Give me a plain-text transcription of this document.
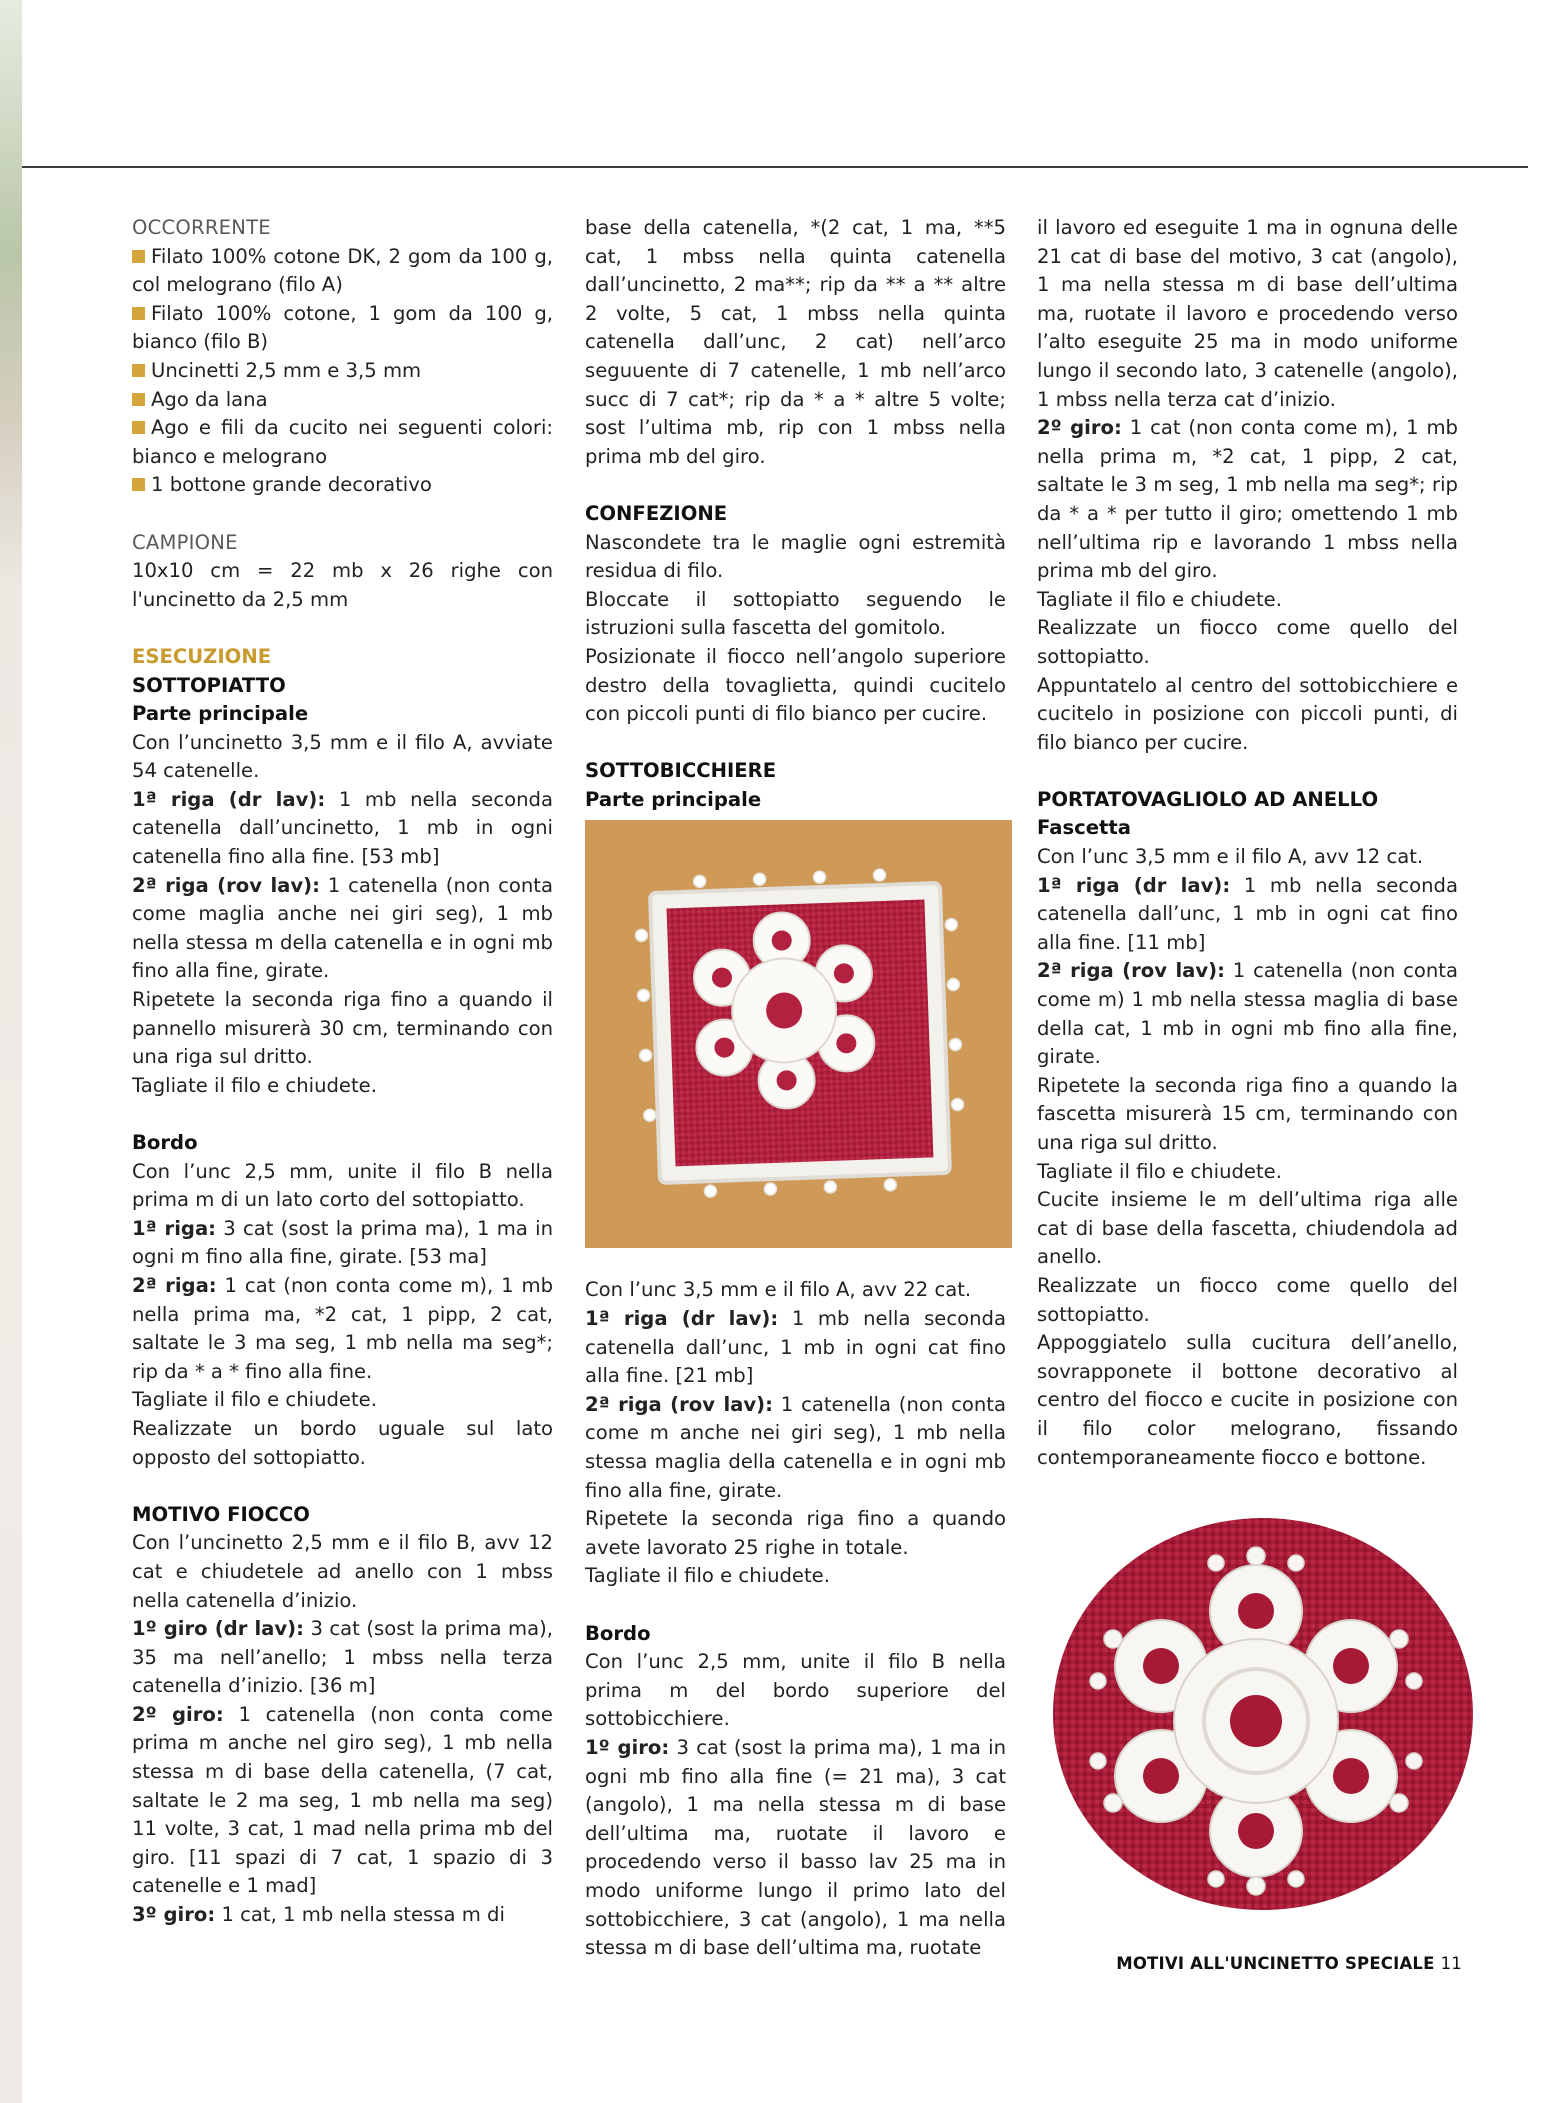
OCCORRENTE

Filato 100% cotone DK, 2 gom da 100 g, col melograno (filo A)

Filato 100% cotone, 1 gom da 100 g, bianco (filo B)

Uncinetti 2,5 mm e 3,5 mm

Ago da lana

Ago e fili da cucito nei seguenti colori: bianco e melograno

1 bottone grande decorativo

CAMPIONE

10x10 cm = 22 mb x 26 righe con l'uncinetto da 2,5 mm

ESECUZIONE

SOTTOPIATTO

Parte principale

Con l’uncinetto 3,5 mm e il filo A, avviate 54 catenelle.

1ª riga (dr lav): 1 mb nella seconda catenella dall’uncinetto, 1 mb in ogni catenella fino alla fine. [53 mb]

2ª riga (rov lav): 1 catenella (non conta come maglia anche nei giri seg), 1 mb nella stessa m della catenella e in ogni mb fino alla fine, girate.

Ripetete la seconda riga fino a quando il pannello misurerà 30 cm, terminando con una riga sul dritto.

Tagliate il filo e chiudete.

Bordo

Con l’unc 2,5 mm, unite il filo B nella prima m di un lato corto del sottopiatto.

1ª riga: 3 cat (sost la prima ma), 1 ma in ogni m fino alla fine, girate. [53 ma]

2ª riga: 1 cat (non conta come m), 1 mb nella prima ma, *2 cat, 1 pipp, 2 cat, saltate le 3 ma seg, 1 mb nella ma seg*; rip da * a * fino alla fine.

Tagliate il filo e chiudete.

Realizzate un bordo uguale sul lato opposto del sottopiatto.

MOTIVO FIOCCO

Con l’uncinetto 2,5 mm e il filo B, avv 12 cat e chiudetele ad anello con 1 mbss nella catenella d’inizio.

1º giro (dr lav): 3 cat (sost la prima ma), 35 ma nell’anello; 1 mbss nella terza catenella d’inizio. [36 m]

2º giro: 1 catenella (non conta come prima m anche nel giro seg), 1 mb nella stessa m di base della catenella, (7 cat, saltate le 2 ma seg, 1 mb nella ma seg) 11 volte, 3 cat, 1 mad nella prima mb del giro. [11 spazi di 7 cat, 1 spazio di 3 catenelle e 1 mad]

3º giro: 1 cat, 1 mb nella stessa m di

base della catenella, *(2 cat, 1 ma, **5 cat, 1 mbss nella quinta catenella dall’uncinetto, 2 ma**; rip da ** a ** altre 2 volte, 5 cat, 1 mbss nella quinta catenella dall’unc, 2 cat) nell’arco seguuente di 7 catenelle, 1 mb nell’arco succ di 7 cat*; rip da * a * altre 5 volte; sost l’ultima mb, rip con 1 mbss nella prima mb del giro.

CONFEZIONE

Nascondete tra le maglie ogni estremità residua di filo.

Bloccate il sottopiatto seguendo le istruzioni sulla fascetta del gomitolo.

Posizionate il fiocco nell’angolo superiore destro della tovaglietta, quindi cucitelo con piccoli punti di filo bianco per cucire.

SOTTOBICCHIERE

Parte principale

Con l’unc 3,5 mm e il filo A, avv 22 cat.

1ª riga (dr lav): 1 mb nella seconda catenella dall’unc, 1 mb in ogni cat fino alla fine. [21 mb]

2ª riga (rov lav): 1 catenella (non conta come m anche nei giri seg), 1 mb nella stessa maglia della catenella e in ogni mb fino alla fine, girate.

Ripetete la seconda riga fino a quando avete lavorato 25 righe in totale.

Tagliate il filo e chiudete.

Bordo

Con l’unc 2,5 mm, unite il filo B nella prima m del bordo superiore del sottobicchiere.

1º giro: 3 cat (sost la prima ma), 1 ma in ogni mb fino alla fine (= 21 ma), 3 cat (angolo), 1 ma nella stessa m di base dell’ultima ma, ruotate il lavoro e procedendo verso il basso lav 25 ma in modo uniforme lungo il primo lato del sottobicchiere, 3 cat (angolo), 1 ma nella stessa m di base dell’ultima ma, ruotate

il lavoro ed eseguite 1 ma in ognuna delle 21 cat di base del motivo, 3 cat (angolo), 1 ma nella stessa m di base dell’ultima ma, ruotate il lavoro e procedendo verso l’alto eseguite 25 ma in modo uniforme lungo il secondo lato, 3 catenelle (angolo), 1 mbss nella terza cat d’inizio.

2º giro: 1 cat (non conta come m), 1 mb nella prima m, *2 cat, 1 pipp, 2 cat, saltate le 3 m seg, 1 mb nella ma seg*; rip da * a * per tutto il giro; omettendo 1 mb nell’ultima rip e lavorando 1 mbss nella prima mb del giro.

Tagliate il filo e chiudete.

Realizzate un fiocco come quello del sottopiatto.

Appuntatelo al centro del sottobicchiere e cucitelo in posizione con piccoli punti, di filo bianco per cucire.

PORTATOVAGLIOLO AD ANELLO

Fascetta

Con l’unc 3,5 mm e il filo A, avv 12 cat.

1ª riga (dr lav): 1 mb nella seconda catenella dall’unc, 1 mb in ogni cat fino alla fine. [11 mb]

2ª riga (rov lav): 1 catenella (non conta come m) 1 mb nella stessa maglia di base della cat, 1 mb in ogni mb fino alla fine, girate.

Ripetete la seconda riga fino a quando la fascetta misurerà 15 cm, terminando con una riga sul dritto.

Tagliate il filo e chiudete.

Cucite insieme le m dell’ultima riga alle cat di base della fascetta, chiudendola ad anello.

Realizzate un fiocco come quello del sottopiatto.

Appoggiatelo sulla cucitura dell’anello, sovrapponete il bottone decorativo al centro del fiocco e cucite in posizione con il filo color melograno, fissando contemporaneamente fiocco e bottone.

MOTIVI ALL'UNCINETTO SPECIALE 11
